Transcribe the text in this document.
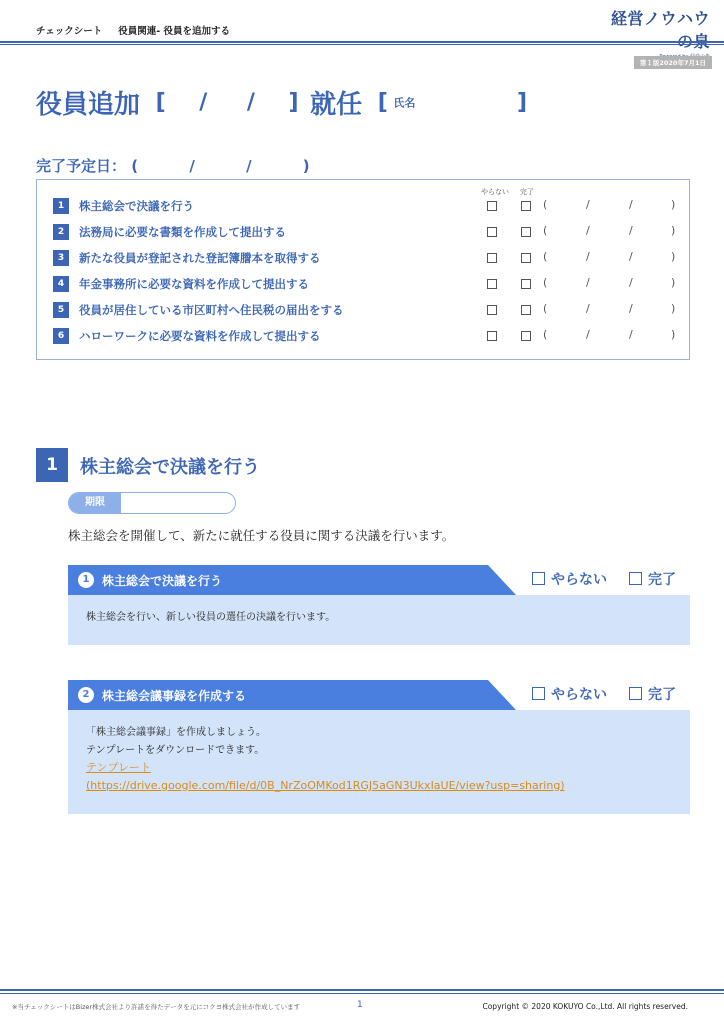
チェックシート 役員関連- 役員を追加する
経営ノウハウ
第１版2020年7月1日
役員追加 [ / / ] 就任 [ 氏名	]
完了予定日： (	/	/	)
やらない 完了
1	株主総会で決議を行う	(	/	/	)
2	法務局に必要な書類を作成して提出する	(	/	/	)
3	新たな役員が登記された登記簿謄本を取得する	(	/	/	)
4	年金事務所に必要な資料を作成して提出する	(	/	/	)
5	役員が居住している市区町村へ住民税の届出をする	(	/	/	)
6	ハローワークに必要な資料を作成して提出する	(	/	/	)
1	株主総会で決議を行う
期限
株主総会を開催して、新たに就任する役員に関する決議を行います。
1	株主総会で決議を行う	やらない	完了
株主総会を行い、新しい役員の選任の決議を行います。
2	株主総会議事録を作成する	やらない	完了
「株主総会議事録」を作成しましょう。
テンプレートをダウンロードできます。
テンプレート
(https://drive.google.com/file/d/0B_NrZoOMKod1RGJ5aGN3UkxIaUE/view?usp=sharing)
※当チェックシートはBizer株式会社より許諾を得たデータを元にコクヨ株式会社が作成しています	1	Copyright © 2020 KOKUYO Co.,Ltd. All rights reserved.
